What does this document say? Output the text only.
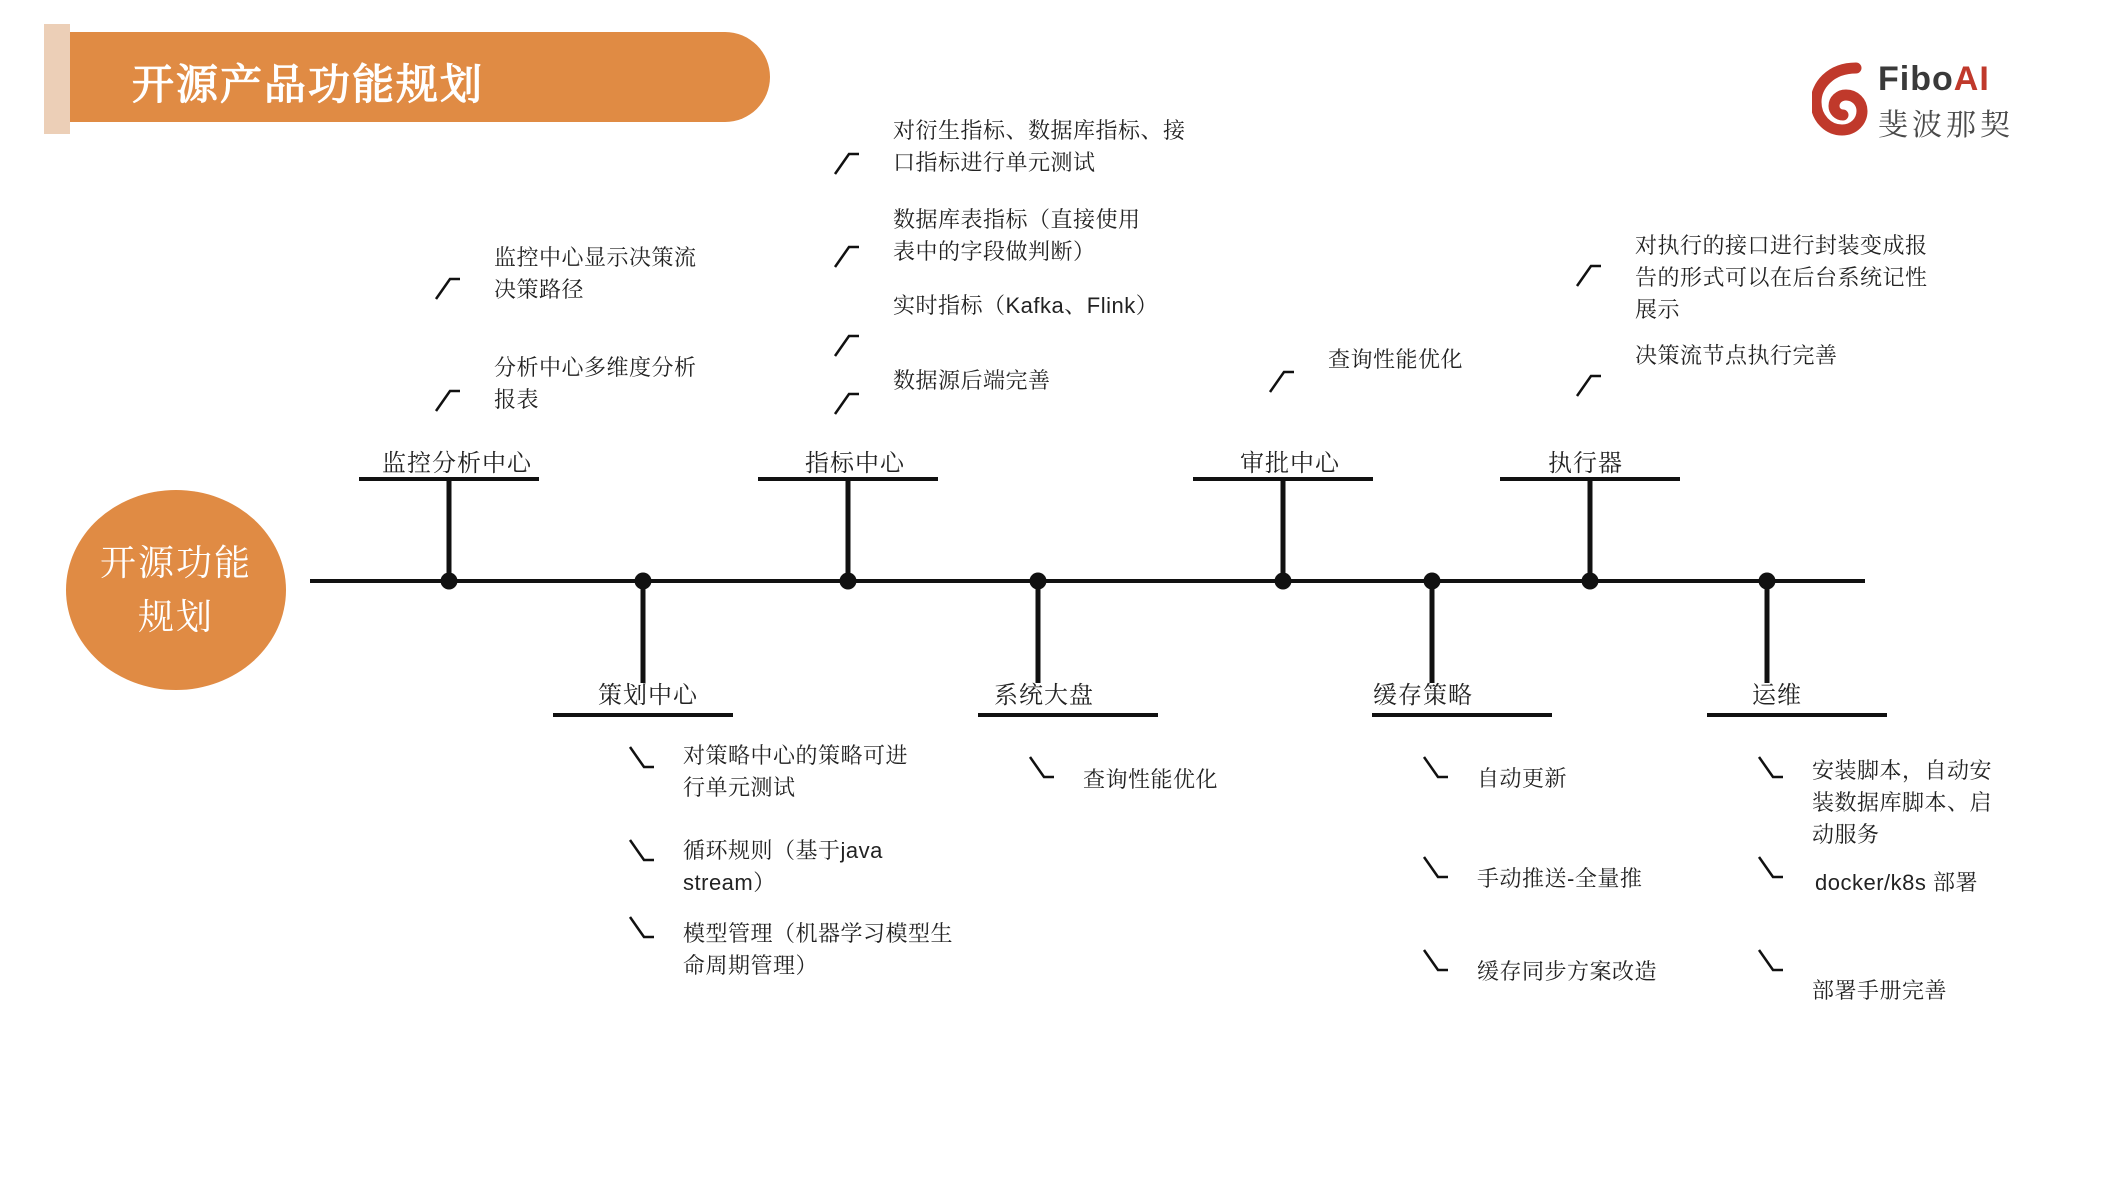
开源产品功能规划	FiboAI
斐波那契
开源功能
规划
监控分析中心
监控中心显示决策流决策路径
分析中心多维度分析报表
指标中心
对衍生指标、数据库指标、接口指标进行单元测试
数据库表指标（直接使用表中的字段做判断）
实时指标（Kafka、Flink）
数据源后端完善
审批中心
查询性能优化
执行器
对执行的接口进行封装变成报告的形式可以在后台系统记性展示
决策流节点执行完善
策划中心
对策略中心的策略可进行单元测试
循环规则（基于java stream）
模型管理（机器学习模型生命周期管理）
系统大盘
查询性能优化
缓存策略
自动更新
手动推送-全量推
缓存同步方案改造
运维
安装脚本，自动安装数据库脚本、启动服务
docker/k8s 部署
部署手册完善
